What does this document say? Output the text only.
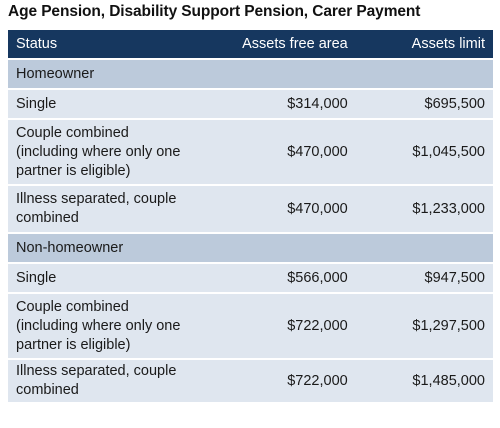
Age Pension, Disability Support Pension, Carer Payment
Status	Assets free area	Assets limit
Homeowner		
Single	$314,000	$695,500
Couple combined (including where only one partner is eligible)	$470,000	$1,045,500
Illness separated, couple combined	$470,000	$1,233,000
Non-homeowner		
Single	$566,000	$947,500
Couple combined (including where only one partner is eligible)	$722,000	$1,297,500
Illness separated, couple combined	$722,000	$1,485,000
